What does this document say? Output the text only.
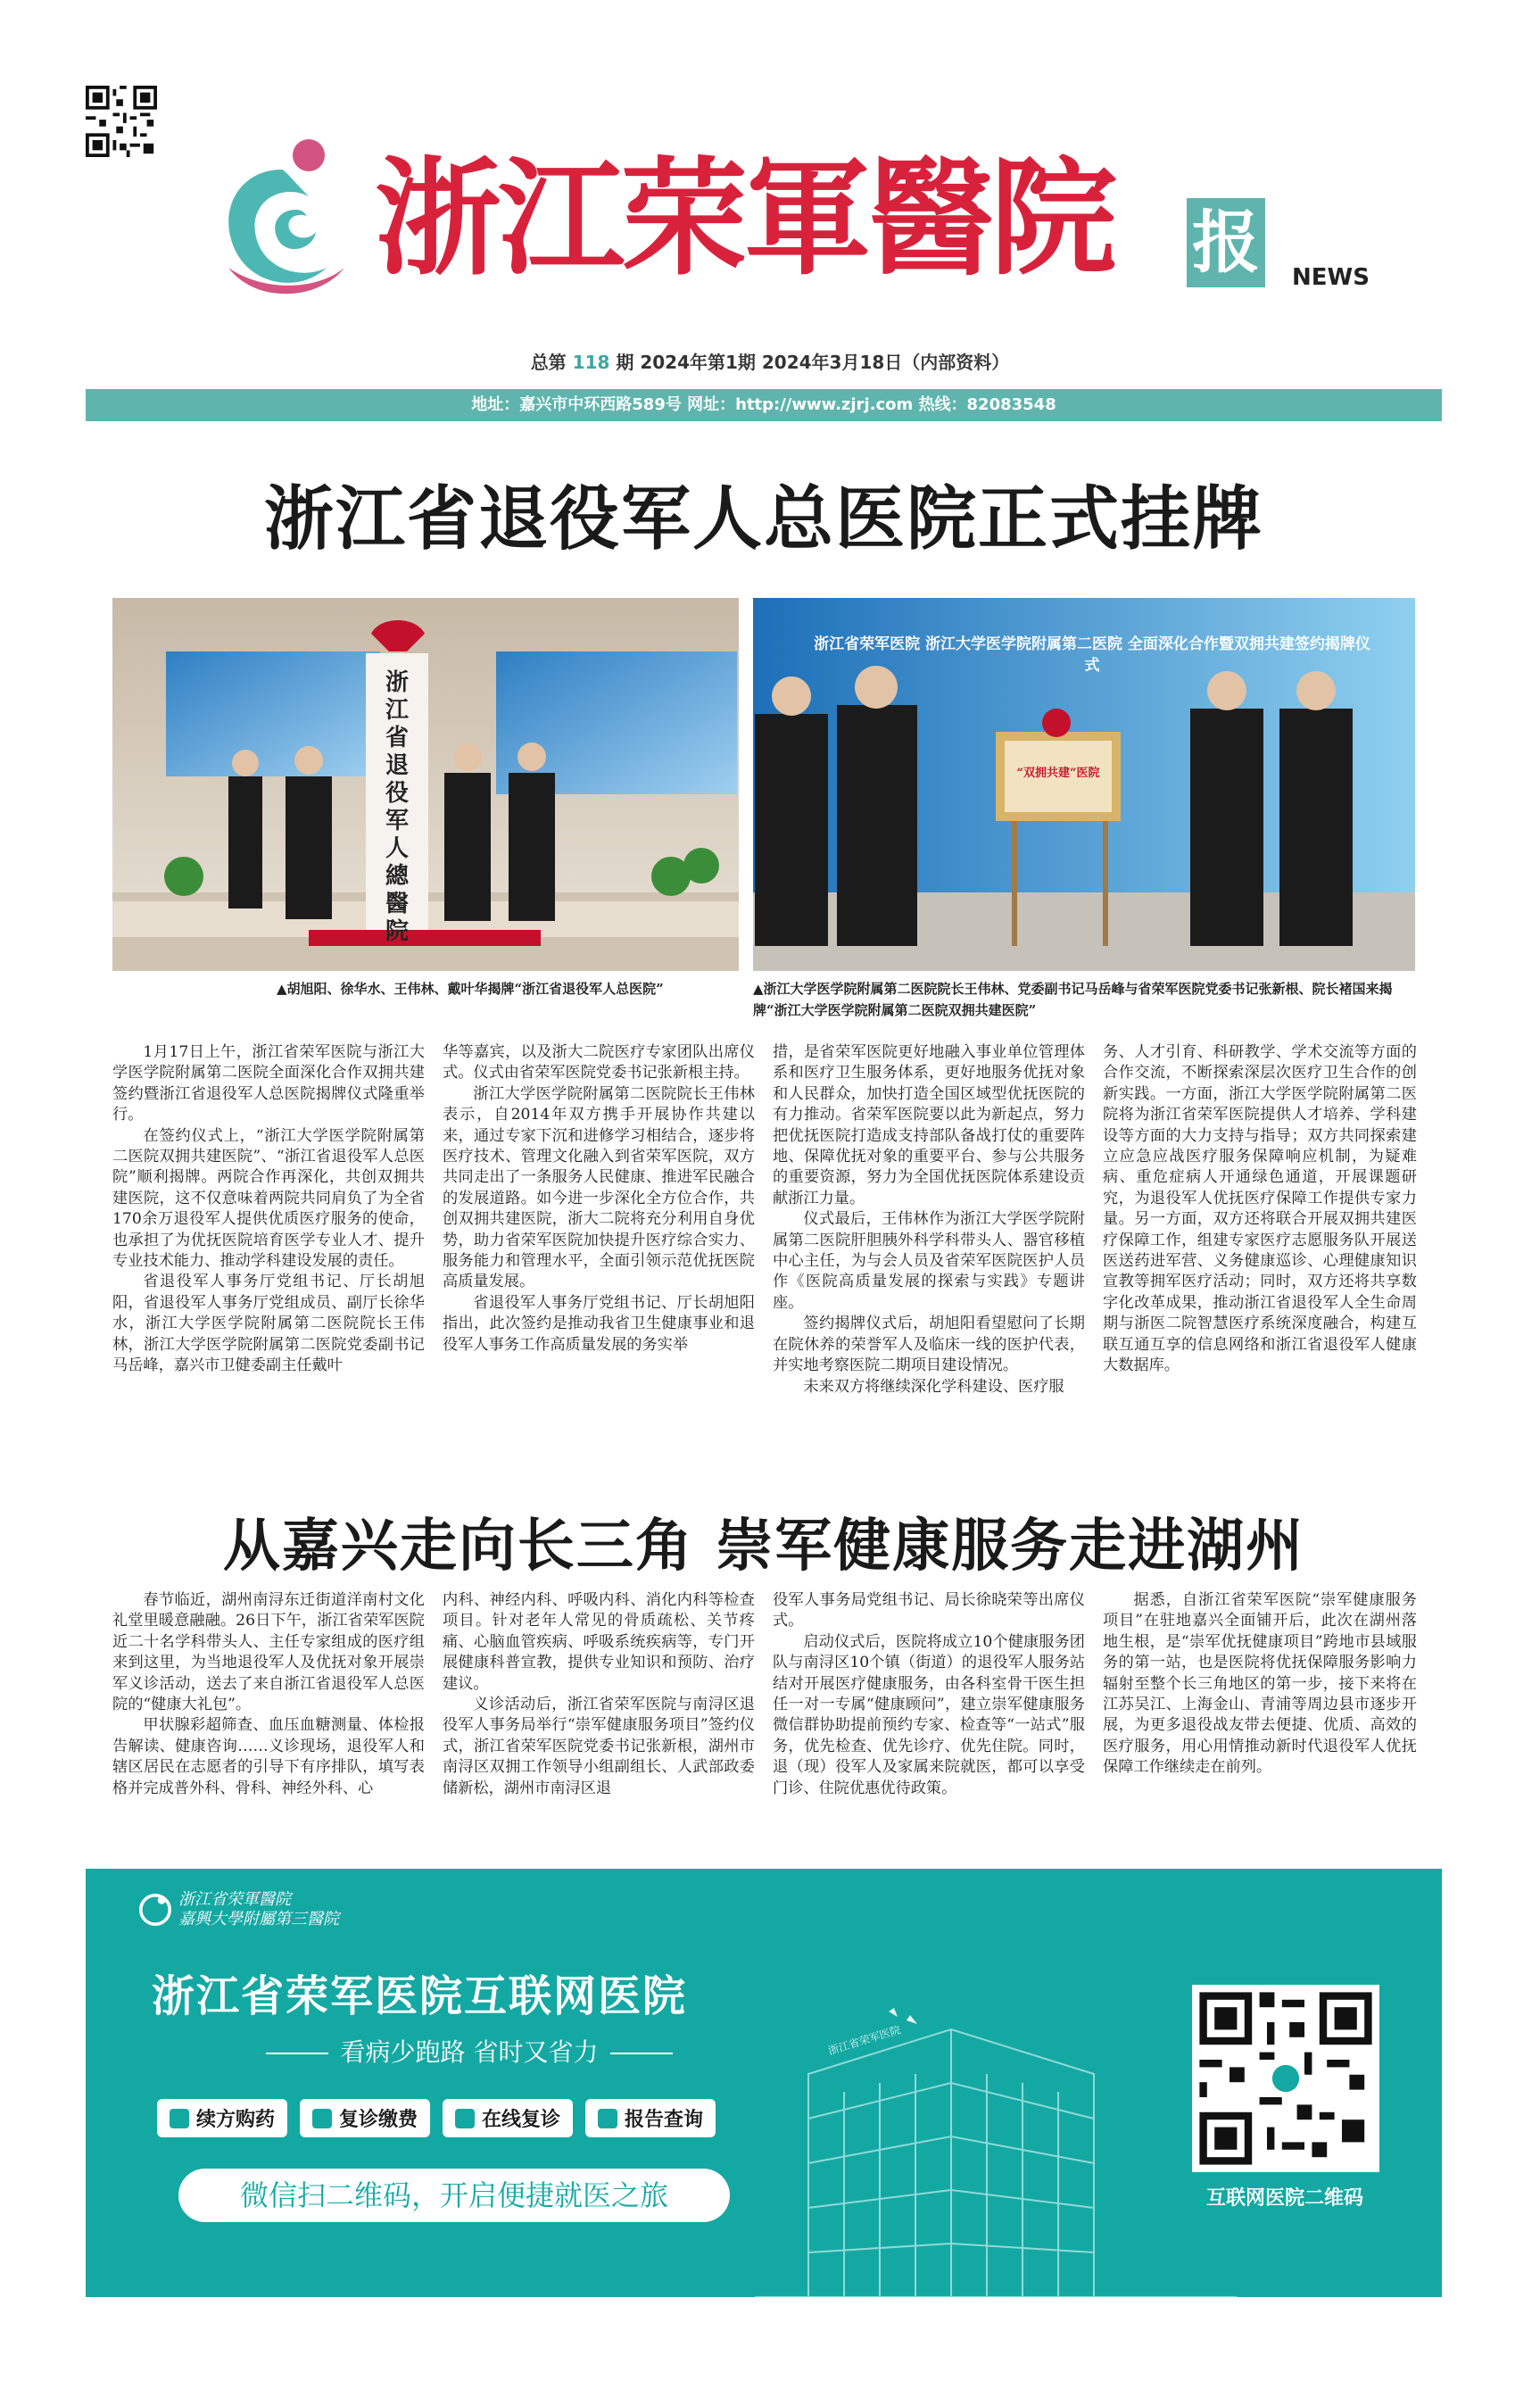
浙江荣軍醫院	报 NEWS
总第 118 期 2024年第1期 2024年3月18日（内部资料）
地址：嘉兴市中环西路589号 网址：http://www.zjrj.com 热线：82083548
浙江省退役军人总医院正式挂牌
浙江省退役军人總醫院
浙江省荣军医院 浙江大学医学院附属第二医院 全面深化合作暨双拥共建签约揭牌仪式
“双拥共建”医院
▲胡旭阳、徐华水、王伟林、戴叶华揭牌“浙江省退役军人总医院”	▲浙江大学医学院附属第二医院院长王伟林、党委副书记马岳峰与省荣军医院党委书记张新根、院长褚国来揭牌“浙江大学医学院附属第二医院双拥共建医院”

1月17日上午，浙江省荣军医院与浙江大学医学院附属第二医院全面深化合作双拥共建签约暨浙江省退役军人总医院揭牌仪式隆重举行。

在签约仪式上，“浙江大学医学院附属第二医院双拥共建医院”、“浙江省退役军人总医院”顺利揭牌。两院合作再深化，共创双拥共建医院，这不仅意味着两院共同肩负了为全省170余万退役军人提供优质医疗服务的使命，也承担了为优抚医院培育医学专业人才、提升专业技术能力、推动学科建设发展的责任。

省退役军人事务厅党组书记、厅长胡旭阳，省退役军人事务厅党组成员、副厅长徐华水，浙江大学医学院附属第二医院院长王伟林，浙江大学医学院附属第二医院党委副书记马岳峰，嘉兴市卫健委副主任戴叶

华等嘉宾，以及浙大二院医疗专家团队出席仪式。仪式由省荣军医院党委书记张新根主持。

浙江大学医学院附属第二医院院长王伟林表示，自2014年双方携手开展协作共建以来，通过专家下沉和进修学习相结合，逐步将医疗技术、管理文化融入到省荣军医院，双方共同走出了一条服务人民健康、推进军民融合的发展道路。如今进一步深化全方位合作，共创双拥共建医院，浙大二院将充分利用自身优势，助力省荣军医院加快提升医疗综合实力、服务能力和管理水平，全面引领示范优抚医院高质量发展。

省退役军人事务厅党组书记、厅长胡旭阳指出，此次签约是推动我省卫生健康事业和退役军人事务工作高质量发展的务实举

措，是省荣军医院更好地融入事业单位管理体系和医疗卫生服务体系，更好地服务优抚对象和人民群众，加快打造全国区域型优抚医院的有力推动。省荣军医院要以此为新起点，努力把优抚医院打造成支持部队备战打仗的重要阵地、保障优抚对象的重要平台、参与公共服务的重要资源，努力为全国优抚医院体系建设贡献浙江力量。

仪式最后，王伟林作为浙江大学医学院附属第二医院肝胆胰外科学科带头人、器官移植中心主任，为与会人员及省荣军医院医护人员作《医院高质量发展的探索与实践》专题讲座。

签约揭牌仪式后，胡旭阳看望慰问了长期在院休养的荣誉军人及临床一线的医护代表，并实地考察医院二期项目建设情况。

未来双方将继续深化学科建设、医疗服

务、人才引育、科研教学、学术交流等方面的合作交流，不断探索深层次医疗卫生合作的创新实践。一方面，浙江大学医学院附属第二医院将为浙江省荣军医院提供人才培养、学科建设等方面的大力支持与指导；双方共同探索建立应急应战医疗服务保障响应机制，为疑难病、重危症病人开通绿色通道，开展课题研究，为退役军人优抚医疗保障工作提供专家力量。另一方面，双方还将联合开展双拥共建医疗保障工作，组建专家医疗志愿服务队开展送医送药进军营、义务健康巡诊、心理健康知识宣教等拥军医疗活动；同时，双方还将共享数字化改革成果，推动浙江省退役军人全生命周期与浙医二院智慧医疗系统深度融合，构建互联互通互享的信息网络和浙江省退役军人健康大数据库。

从嘉兴走向长三角 崇军健康服务走进湖州

春节临近，湖州南浔东迁街道洋南村文化礼堂里暖意融融。26日下午，浙江省荣军医院近二十名学科带头人、主任专家组成的医疗组来到这里，为当地退役军人及优抚对象开展崇军义诊活动，送去了来自浙江省退役军人总医院的“健康大礼包”。

甲状腺彩超筛查、血压血糖测量、体检报告解读、健康咨询……义诊现场，退役军人和辖区居民在志愿者的引导下有序排队，填写表格并完成普外科、骨科、神经外科、心

内科、神经内科、呼吸内科、消化内科等检查项目。针对老年人常见的骨质疏松、关节疼痛、心脑血管疾病、呼吸系统疾病等，专门开展健康科普宣教，提供专业知识和预防、治疗建议。

义诊活动后，浙江省荣军医院与南浔区退役军人事务局举行“崇军健康服务项目”签约仪式，浙江省荣军医院党委书记张新根，湖州市南浔区双拥工作领导小组副组长、人武部政委储新松，湖州市南浔区退

役军人事务局党组书记、局长徐晓荣等出席仪式。

启动仪式后，医院将成立10个健康服务团队与南浔区10个镇（街道）的退役军人服务站结对开展医疗健康服务，由各科室骨干医生担任一对一专属“健康顾问”，建立崇军健康服务微信群协助提前预约专家、检查等“一站式”服务，优先检查、优先诊疗、优先住院。同时，退（现）役军人及家属来院就医，都可以享受门诊、住院优惠优待政策。

据悉，自浙江省荣军医院“崇军健康服务项目”在驻地嘉兴全面铺开后，此次在湖州落地生根，是“崇军优抚健康项目”跨地市县域服务的第一站，也是医院将优抚保障服务影响力辐射至整个长三角地区的第一步，接下来将在江苏吴江、上海金山、青浦等周边县市逐步开展，为更多退役战友带去便捷、优质、高效的医疗服务，用心用情推动新时代退役军人优抚保障工作继续走在前列。

浙江省荣軍醫院
嘉興大學附屬第三醫院
浙江省荣军医院互联网医院
看病少跑路 省时又省力
续方购药	复诊缴费	在线复诊	报告查询
微信扫二维码，开启便捷就医之旅
浙江省荣军医院
互联网医院二维码
